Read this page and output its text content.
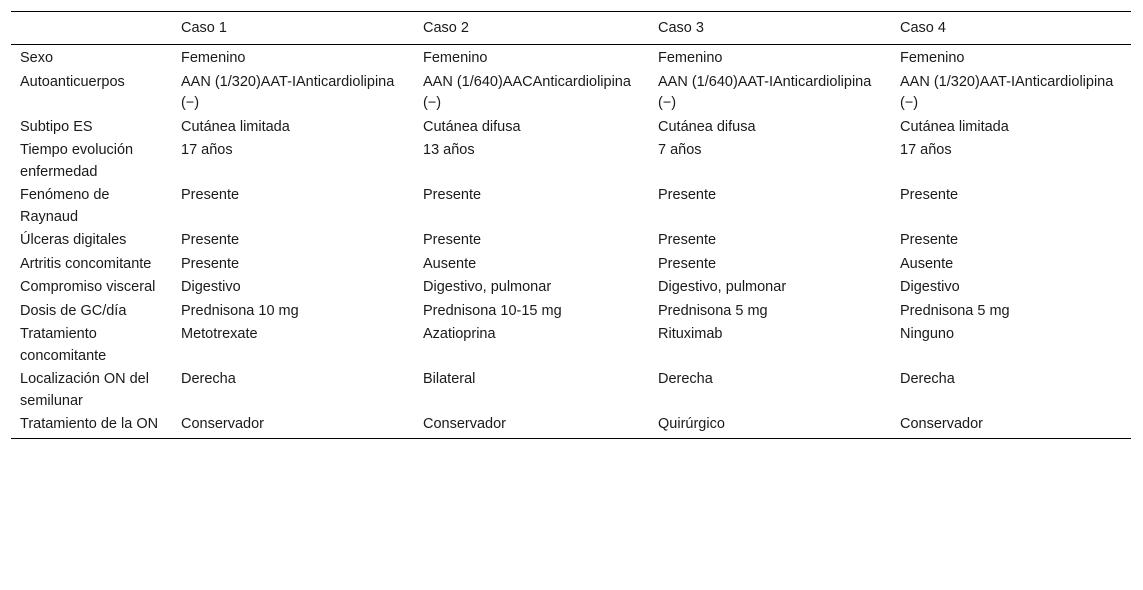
	Caso 1	Caso 2	Caso 3	Caso 4
Sexo	Femenino	Femenino	Femenino	Femenino
Autoanticuerpos	AAN (1/320)AAT-IAnticardiolipina (−)	AAN (1/640)AACAnticardiolipina (−)	AAN (1/640)AAT-IAnticardiolipina (−)	AAN (1/320)AAT-IAnticardiolipina (−)
Subtipo ES	Cutánea limitada	Cutánea difusa	Cutánea difusa	Cutánea limitada
Tiempo evolución enfermedad	17 años	13 años	7 años	17 años
Fenómeno de Raynaud	Presente	Presente	Presente	Presente
Úlceras digitales	Presente	Presente	Presente	Presente
Artritis concomitante	Presente	Ausente	Presente	Ausente
Compromiso visceral	Digestivo	Digestivo, pulmonar	Digestivo, pulmonar	Digestivo
Dosis de GC/día	Prednisona 10 mg	Prednisona 10-15 mg	Prednisona 5 mg	Prednisona 5 mg
Tratamiento concomitante	Metotrexate	Azatioprina	Rituximab	Ninguno
Localización ON del semilunar	Derecha	Bilateral	Derecha	Derecha
Tratamiento de la ON	Conservador	Conservador	Quirúrgico	Conservador
